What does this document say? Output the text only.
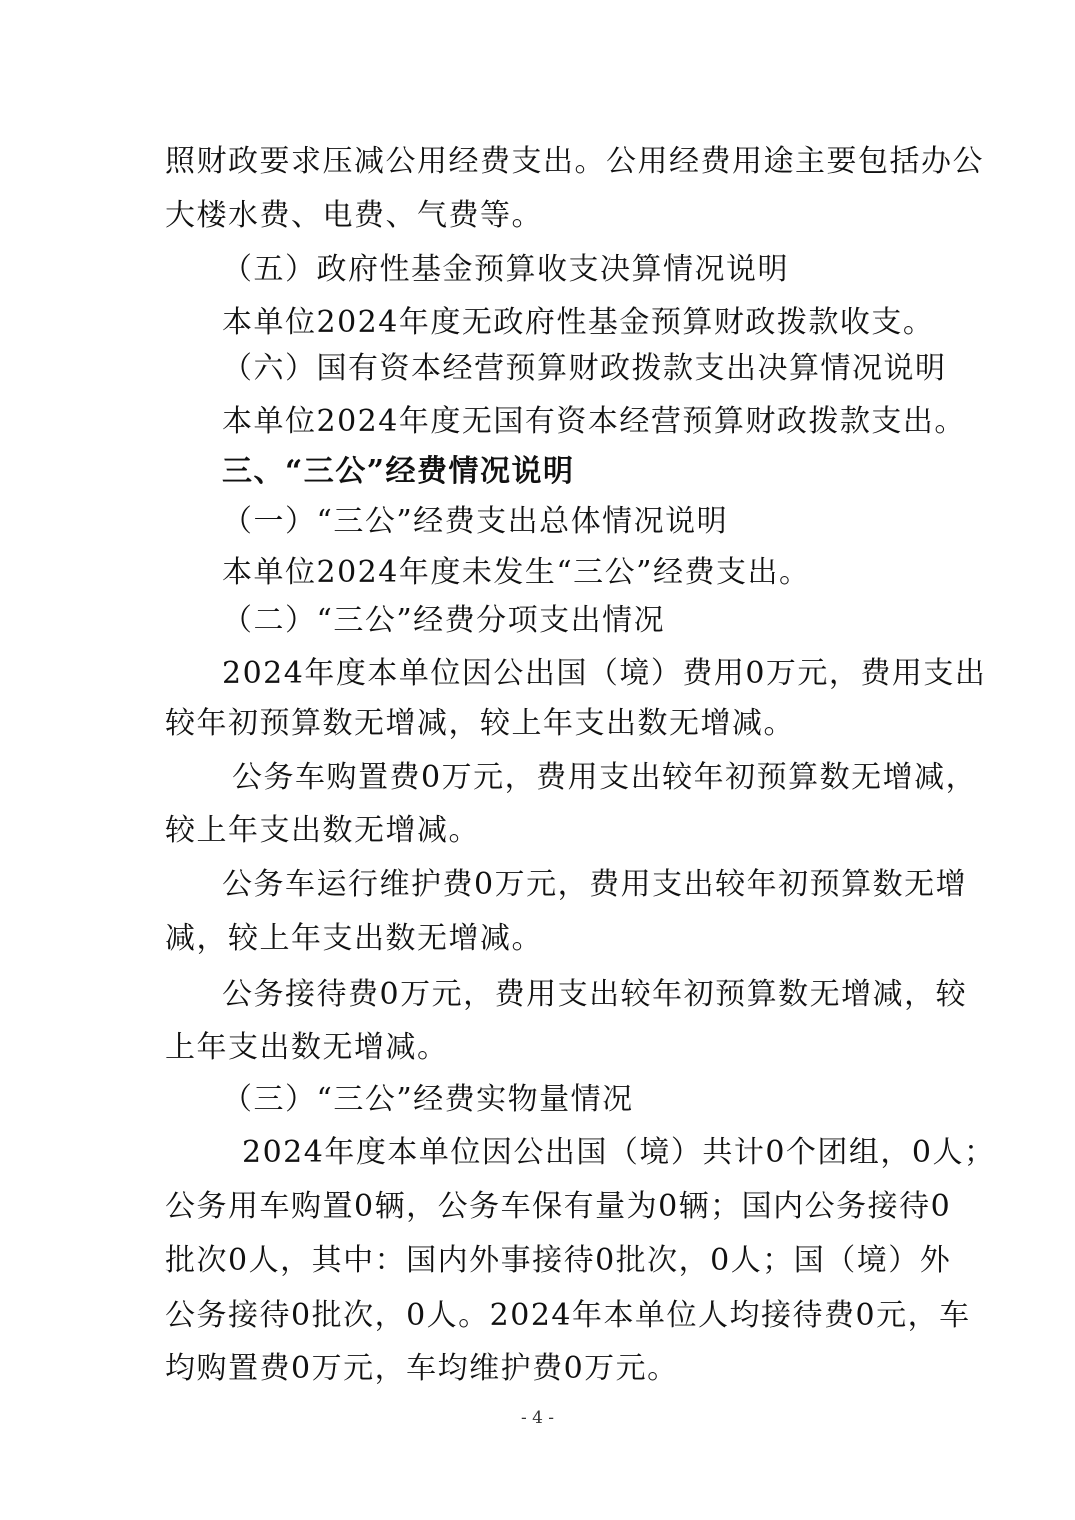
照财政要求压减公用经费支出。公用经费用途主要包括办公
大楼水费、电费、气费等。
（五）政府性基金预算收支决算情况说明
本单位2024年度无政府性基金预算财政拨款收支。
（六）国有资本经营预算财政拨款支出决算情况说明
本单位2024年度无国有资本经营预算财政拨款支出。
三、“三公”经费情况说明
（一）“三公”经费支出总体情况说明
本单位2024年度未发生“三公”经费支出。
（二）“三公”经费分项支出情况
2024年度本单位因公出国（境）费用0万元，费用支出
较年初预算数无增减，较上年支出数无增减。
公务车购置费0万元，费用支出较年初预算数无增减，
较上年支出数无增减。
公务车运行维护费0万元，费用支出较年初预算数无增
减，较上年支出数无增减。
公务接待费0万元，费用支出较年初预算数无增减，较
上年支出数无增减。
（三）“三公”经费实物量情况
2024年度本单位因公出国（境）共计0个团组，0人；
公务用车购置0辆，公务车保有量为0辆；国内公务接待0
批次0人，其中：国内外事接待0批次，0人；国（境）外
公务接待0批次，0人。2024年本单位人均接待费0元，车
均购置费0万元，车均维护费0万元。
- 4 -
